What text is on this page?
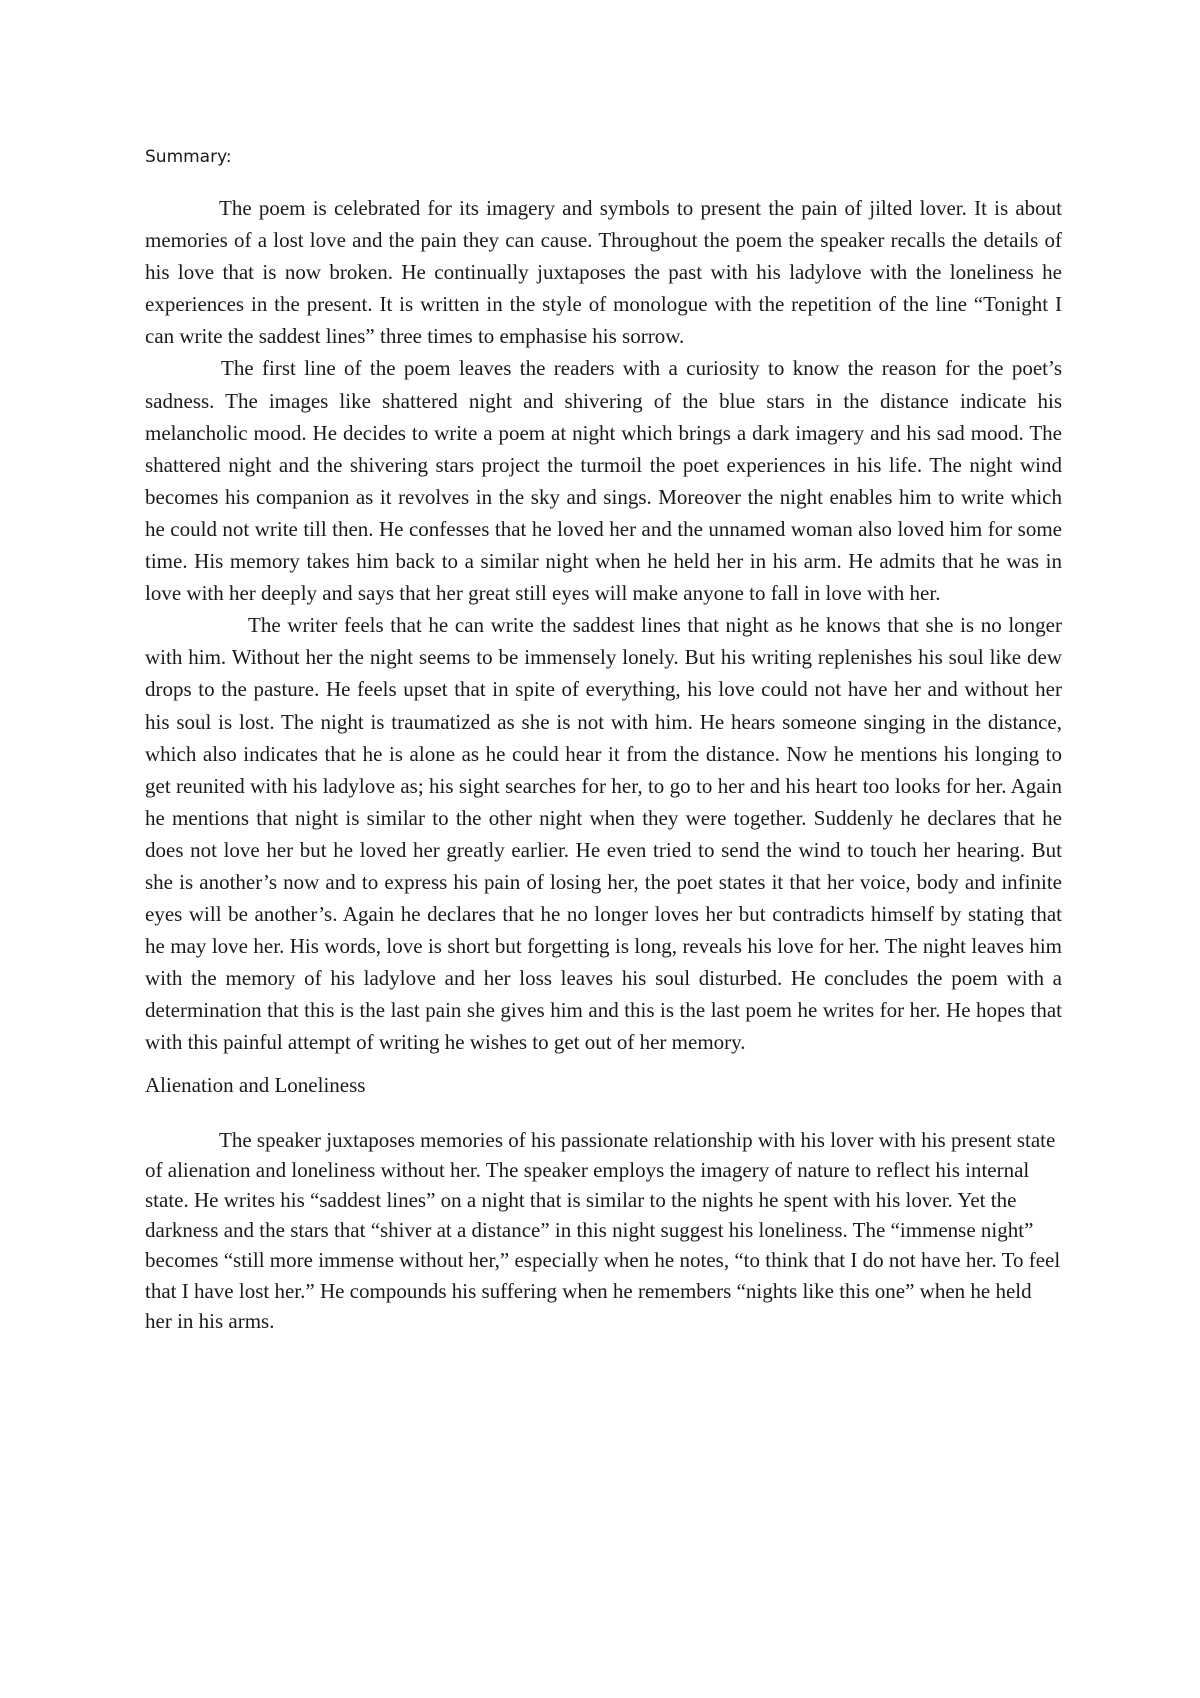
Summary:

The poem is celebrated for its imagery and symbols to present the pain of jilted lover. It is about memories of a lost love and the pain they can cause. Throughout the poem the speaker recalls the details of his love that is now broken. He continually juxtaposes the past with his ladylove with the loneliness he experiences in the present. It is written in the style of monologue with the repetition of the line “Tonight I can write the saddest lines” three times to emphasise his sorrow.

The first line of the poem leaves the readers with a curiosity to know the reason for the poet’s sadness. The images like shattered night and shivering of the blue stars in the distance indicate his melancholic mood. He decides to write a poem at night which brings a dark imagery and his sad mood. The shattered night and the shivering stars project the turmoil the poet experiences in his life. The night wind becomes his companion as it revolves in the sky and sings. Moreover the night enables him to write which he could not write till then. He confesses that he loved her and the unnamed woman also loved him for some time. His memory takes him back to a similar night when he held her in his arm. He admits that he was in love with her deeply and says that her great still eyes will make anyone to fall in love with her.

The writer feels that he can write the saddest lines that night as he knows that she is no longer with him. Without her the night seems to be immensely lonely. But his writing replenishes his soul like dew drops to the pasture. He feels upset that in spite of everything, his love could not have her and without her his soul is lost. The night is traumatized as she is not with him. He hears someone singing in the distance, which also indicates that he is alone as he could hear it from the distance. Now he mentions his longing to get reunited with his ladylove as; his sight searches for her, to go to her and his heart too looks for her. Again he mentions that night is similar to the other night when they were together. Suddenly he declares that he does not love her but he loved her greatly earlier. He even tried to send the wind to touch her hearing. But she is another’s now and to express his pain of losing her, the poet states it that her voice, body and infinite eyes will be another’s. Again he declares that he no longer loves her but contradicts himself by stating that he may love her. His words, love is short but forgetting is long, reveals his love for her. The night leaves him with the memory of his ladylove and her loss leaves his soul disturbed. He concludes the poem with a determination that this is the last pain she gives him and this is the last poem he writes for her. He hopes that with this painful attempt of writing he wishes to get out of her memory.

Alienation and Loneliness

The speaker juxtaposes memories of his passionate relationship with his lover with his present state of alienation and loneliness without her. The speaker employs the imagery of nature to reflect his internal state. He writes his “saddest lines” on a night that is similar to the nights he spent with his lover. Yet the darkness and the stars that “shiver at a distance” in this night suggest his loneliness. The “immense night” becomes “still more immense without her,” especially when he notes, “to think that I do not have her. To feel that I have lost her.” He compounds his suffering when he remembers “nights like this one” when he held her in his arms.
